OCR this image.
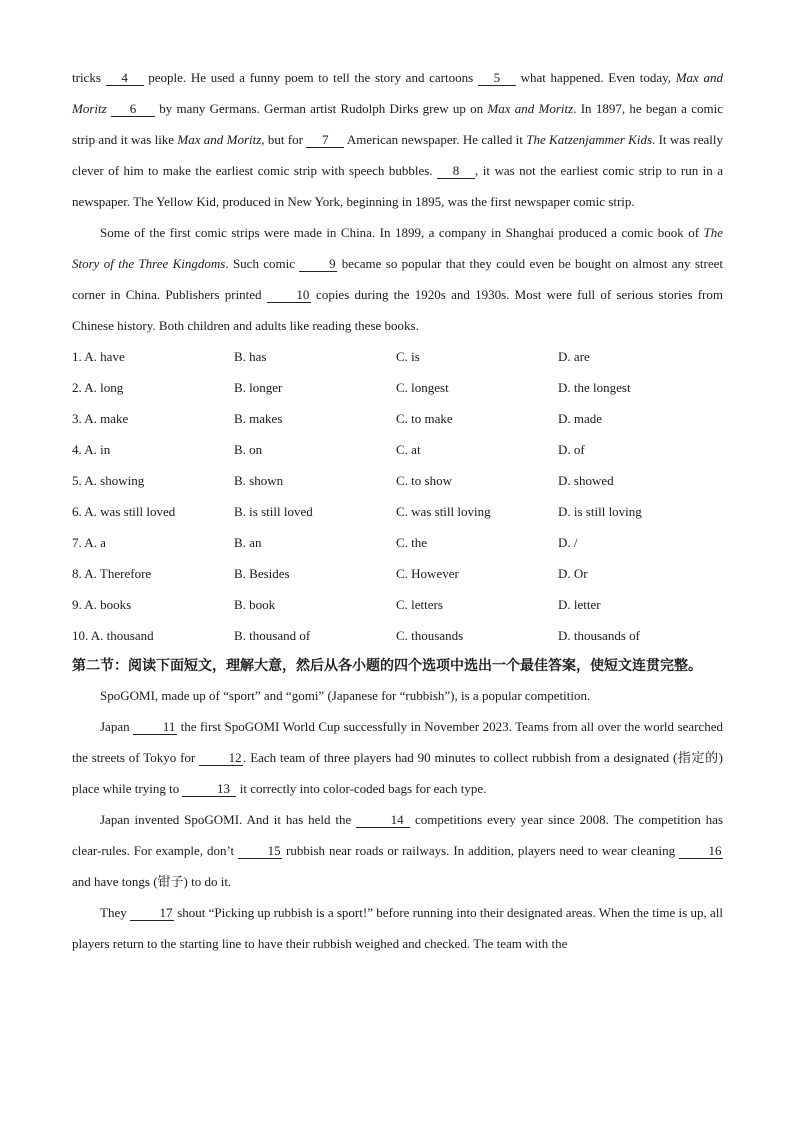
tricks 4 people. He used a funny poem to tell the story and cartoons 5 what happened. Even today, Max and Moritz 6 by many Germans. German artist Rudolph Dirks grew up on Max and Moritz. In 1897, he began a comic strip and it was like Max and Moritz, but for 7 American newspaper. He called it The Katzenjammer Kids. It was really clever of him to make the earliest comic strip with speech bubbles. 8 , it was not the earliest comic strip to run in a newspaper. The Yellow Kid, produced in New York, beginning in 1895, was the first newspaper comic strip.

Some of the first comic strips were made in China. In 1899, a company in Shanghai produced a comic book of The Story of the Three Kingdoms. Such comic 9 became so popular that they could even be bought on almost any street corner in China. Publishers printed 10 copies during the 1920s and 1930s. Most were full of serious stories from Chinese history. Both children and adults like reading these books.

1. A. have	B. has	C. is	D. are
2. A. long	B. longer	C. longest	D. the longest
3. A. make	B. makes	C. to make	D. made
4. A. in	B. on	C. at	D. of
5. A. showing	B. shown	C. to show	D. showed
6. A. was still loved	B. is still loved	C. was still loving	D. is still loving
7. A. a	B. an	C. the	D. /
8. A. Therefore	B. Besides	C. However	D. Or
9. A. books	B. book	C. letters	D. letter
10. A. thousand	B. thousand of	C. thousands	D. thousands of

第二节：阅读下面短文，理解大意，然后从各小题的四个选项中选出一个最佳答案，使短文连贯完整。

SpoGOMI, made up of “sport” and “gomi” (Japanese for “rubbish”), is a popular competition.

Japan 11 the first SpoGOMI World Cup successfully in November 2023. Teams from all over the world searched the streets of Tokyo for 12 . Each team of three players had 90 minutes to collect rubbish from a designated (指定的) place while trying to	13 it correctly into color-coded bags for each type.

Japan invented SpoGOMI. And it has held the	14 competitions every year since 2008. The competition has clear-rules. For example, don’t 15 rubbish near roads or railways. In addition, players need to wear cleaning 16 and have tongs (钳子) to do it.

They 17 shout “Picking up rubbish is a sport!” before running into their designated areas. When the time is up, all players return to the starting line to have their rubbish weighed and checked. The team with the
